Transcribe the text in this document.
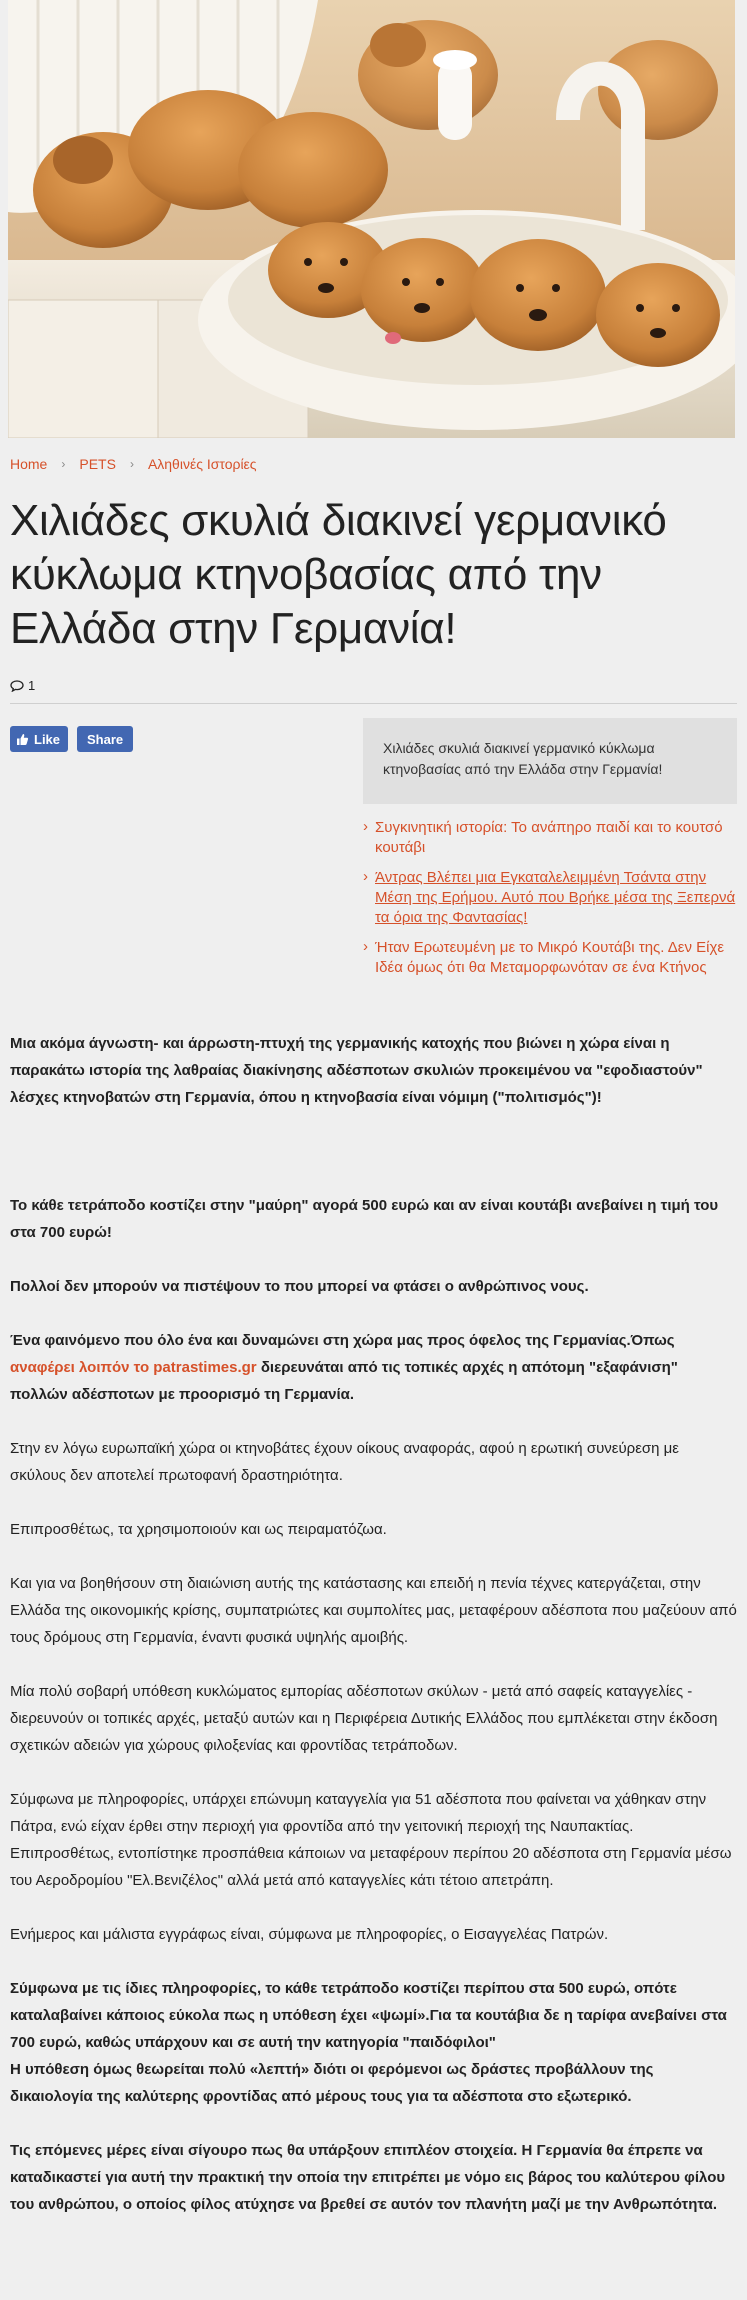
Home › PETS › Αληθινές Ιστορίες
Χιλιάδες σκυλιά διακινεί γερμανικό κύκλωμα κτηνοβασίας από την Ελλάδα στην Γερμανία!
1
Like Share
Χιλιάδες σκυλιά διακινεί γερμανικό κύκλωμα κτηνοβασίας από την Ελλάδα στην Γερμανία!
› Συγκινητική ιστορία: Το ανάπηρο παιδί και το κουτσό κουτάβι
› Άντρας Βλέπει μια Εγκαταλελειμμένη Τσάντα στην Μέση της Ερήμου. Αυτό που Βρήκε μέσα της Ξεπερνά τα όρια της Φαντασίας!
› Ήταν Ερωτευμένη με το Μικρό Κουτάβι της. Δεν Είχε Ιδέα όμως ότι θα Μεταμορφωνόταν σε ένα Κτήνος

Μια ακόμα άγνωστη- και άρρωστη-πτυχή της γερμανικής κατοχής που βιώνει η χώρα είναι η παρακάτω ιστορία της λαθραίας διακίνησης αδέσποτων σκυλιών προκειμένου να "εφοδιαστούν" λέσχες κτηνοβατών στη Γερμανία, όπου η κτηνοβασία είναι νόμιμη ("πολιτισμός")!

Το κάθε τετράποδο κοστίζει στην "μαύρη" αγορά 500 ευρώ και αν είναι κουτάβι ανεβαίνει η τιμή του στα 700 ευρώ!

Πολλοί δεν μπορούν να πιστέψουν το που μπορεί να φτάσει ο ανθρώπινος νους.

Ένα φαινόμενο που όλο ένα και δυναμώνει στη χώρα μας προς όφελος της Γερμανίας.Όπως αναφέρει λοιπόν το patrastimes.gr διερευνάται από τις τοπικές αρχές η απότομη "εξαφάνιση" πολλών αδέσποτων με προορισμό τη Γερμανία.

Στην εν λόγω ευρωπαϊκή χώρα οι κτηνοβάτες έχουν οίκους αναφοράς, αφού η ερωτική συνεύρεση με σκύλους δεν αποτελεί πρωτοφανή δραστηριότητα.

Επιπροσθέτως, τα χρησιμοποιούν και ως πειραματόζωα.

Και για να βοηθήσουν στη διαιώνιση αυτής της κατάστασης και επειδή η πενία τέχνες κατεργάζεται, στην Ελλάδα της οικονομικής κρίσης, συμπατριώτες και συμπολίτες μας, μεταφέρουν αδέσποτα που μαζεύουν από τους δρόμους στη Γερμανία, έναντι φυσικά υψηλής αμοιβής.

Μία πολύ σοβαρή υπόθεση κυκλώματος εμπορίας αδέσποτων σκύλων - μετά από σαφείς καταγγελίες - διερευνούν οι τοπικές αρχές, μεταξύ αυτών και η Περιφέρεια Δυτικής Ελλάδος που εμπλέκεται στην έκδοση σχετικών αδειών για χώρους φιλοξενίας και φροντίδας τετράποδων.

Σύμφωνα με πληροφορίες, υπάρχει επώνυμη καταγγελία για 51 αδέσποτα που φαίνεται να χάθηκαν στην Πάτρα, ενώ είχαν έρθει στην περιοχή για φροντίδα από την γειτονική περιοχή της Ναυπακτίας.

Επιπροσθέτως, εντοπίστηκε προσπάθεια κάποιων να μεταφέρουν περίπου 20 αδέσποτα στη Γερμανία μέσω του Αεροδρομίου "Ελ.Βενιζέλος" αλλά μετά από καταγγελίες κάτι τέτοιο απετράπη.

Ενήμερος και μάλιστα εγγράφως είναι, σύμφωνα με πληροφορίες, ο Εισαγγελέας Πατρών.

Σύμφωνα με τις ίδιες πληροφορίες, το κάθε τετράποδο κοστίζει περίπου στα 500 ευρώ, οπότε καταλαβαίνει κάποιος εύκολα πως η υπόθεση έχει «ψωμί».Για τα κουτάβια δε η ταρίφα ανεβαίνει στα 700 ευρώ, καθώς υπάρχουν και σε αυτή την κατηγορία "παιδόφιλοι"

Η υπόθεση όμως θεωρείται πολύ «λεπτή» διότι οι φερόμενοι ως δράστες προβάλλουν της δικαιολογία της καλύτερης φροντίδας από μέρους τους για τα αδέσποτα στο εξωτερικό.

Τις επόμενες μέρες είναι σίγουρο πως θα υπάρξουν επιπλέον στοιχεία. Η Γερμανία θα έπρεπε να καταδικαστεί για αυτή την πρακτική την οποία την επιτρέπει με νόμο εις βάρος του καλύτερου φίλου του ανθρώπου, ο οποίος φίλος ατύχησε να βρεθεί σε αυτόν τον πλανήτη μαζί με την Ανθρωπότητα.
